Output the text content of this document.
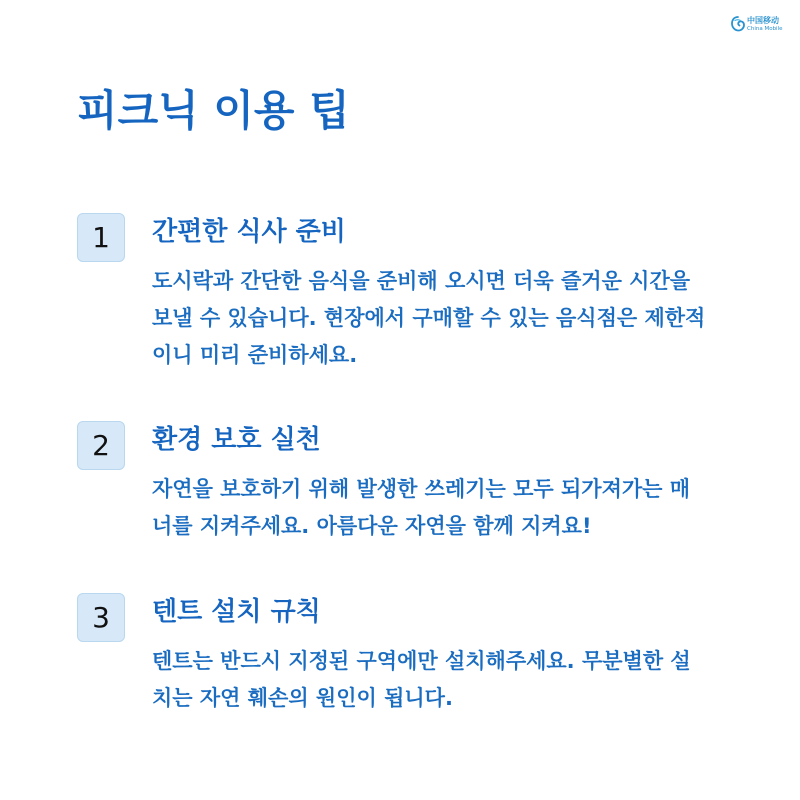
中国移动
China Mobile
피크닉 이용 팁
1	간편한 식사 준비
도시락과 간단한 음식을 준비해 오시면 더욱 즐거운 시간을
보낼 수 있습니다. 현장에서 구매할 수 있는 음식점은 제한적
이니 미리 준비하세요.
2	환경 보호 실천
자연을 보호하기 위해 발생한 쓰레기는 모두 되가져가는 매
너를 지켜주세요. 아름다운 자연을 함께 지켜요!
3	텐트 설치 규칙
텐트는 반드시 지정된 구역에만 설치해주세요. 무분별한 설
치는 자연 훼손의 원인이 됩니다.
